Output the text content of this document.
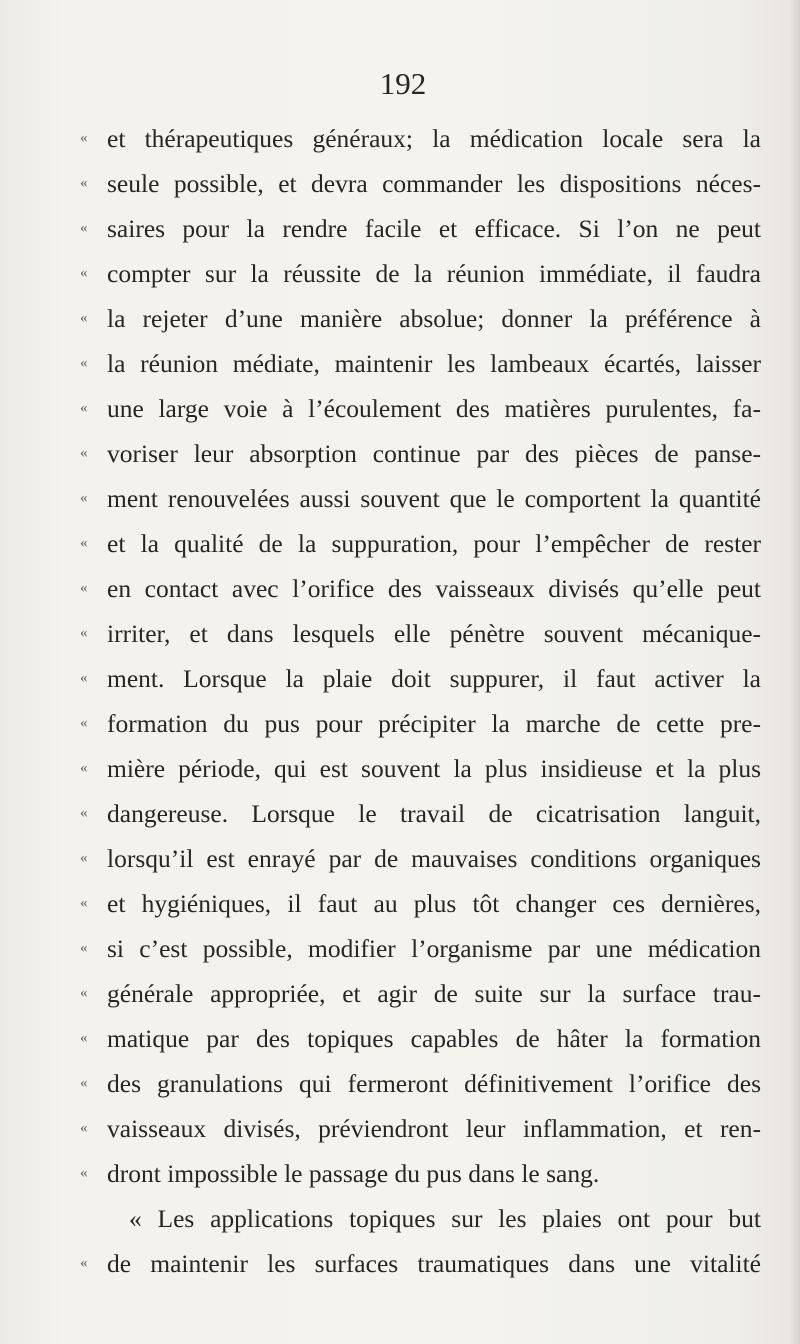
192
« et thérapeutiques généraux; la médication locale sera la
« seule possible, et devra commander les dispositions néces-
« saires pour la rendre facile et efficace. Si l’on ne peut
« compter sur la réussite de la réunion immédiate, il faudra
« la rejeter d’une manière absolue; donner la préférence à
« la réunion médiate, maintenir les lambeaux écartés, laisser
« une large voie à l’écoulement des matières purulentes, fa-
« voriser leur absorption continue par des pièces de panse-
« ment renouvelées aussi souvent que le comportent la quantité
« et la qualité de la suppuration, pour l’empêcher de rester
« en contact avec l’orifice des vaisseaux divisés qu’elle peut
« irriter, et dans lesquels elle pénètre souvent mécanique-
« ment. Lorsque la plaie doit suppurer, il faut activer la
« formation du pus pour précipiter la marche de cette pre-
« mière période, qui est souvent la plus insidieuse et la plus
« dangereuse. Lorsque le travail de cicatrisation languit,
« lorsqu’il est enrayé par de mauvaises conditions organiques
« et hygiéniques, il faut au plus tôt changer ces dernières,
« si c’est possible, modifier l’organisme par une médication
« générale appropriée, et agir de suite sur la surface trau-
« matique par des topiques capables de hâter la formation
« des granulations qui fermeront définitivement l’orifice des
« vaisseaux divisés, préviendront leur inflammation, et ren-
« dront impossible le passage du pus dans le sang.
« Les applications topiques sur les plaies ont pour but
« de maintenir les surfaces traumatiques dans une vitalité
